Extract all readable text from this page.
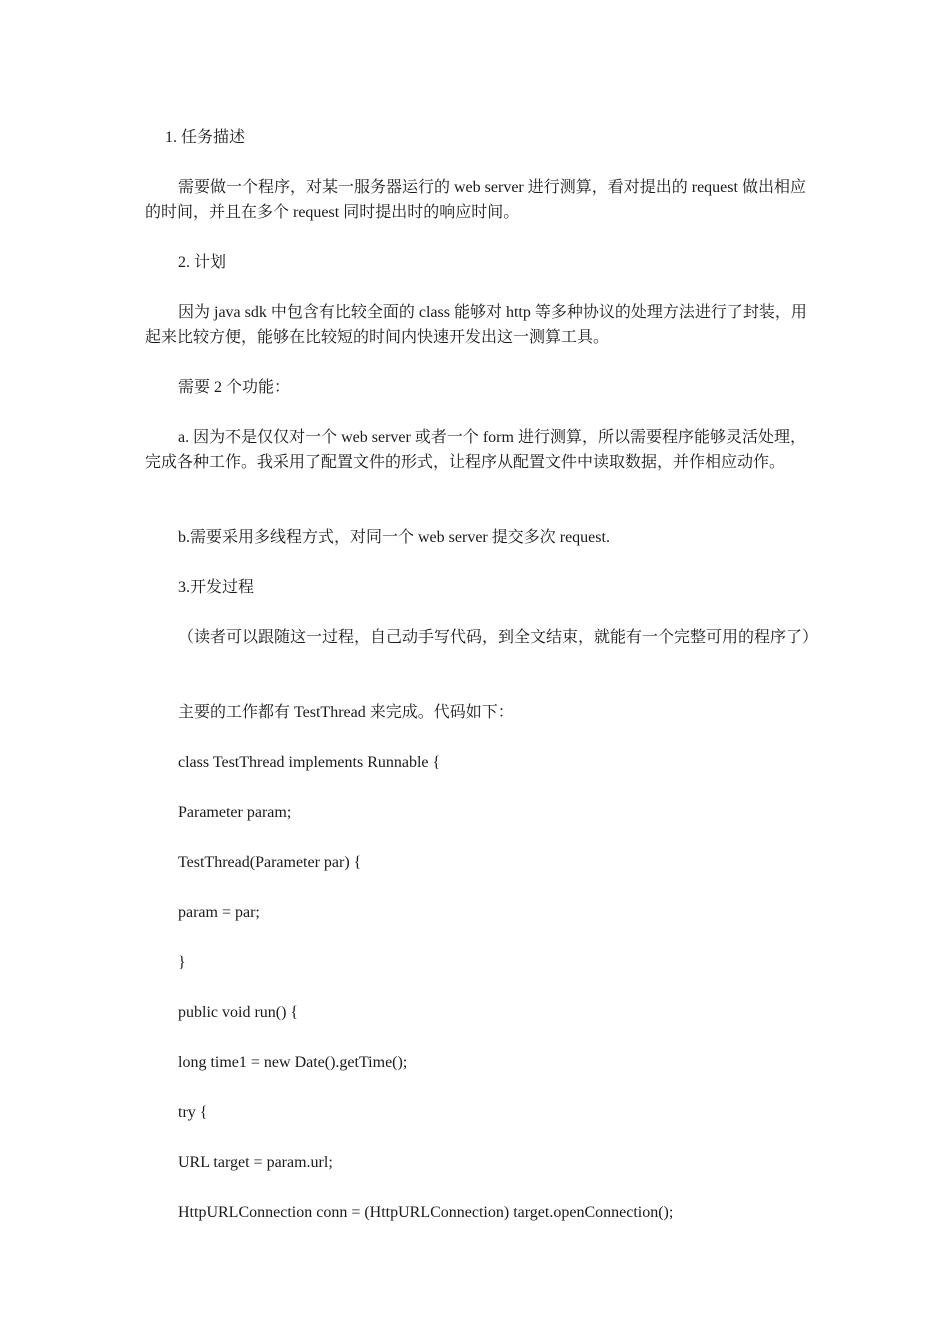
1. 任务描述

需要做一个程序，对某一服务器运行的 web server 进行测算，看对提出的 request 做出相应的时间，并且在多个 request 同时提出时的响应时间。

2. 计划

因为 java sdk 中包含有比较全面的 class 能够对 http 等多种协议的处理方法进行了封装，用起来比较方便，能够在比较短的时间内快速开发出这一测算工具。

需要 2 个功能：

a. 因为不是仅仅对一个 web server 或者一个 form 进行测算，所以需要程序能够灵活处理，完成各种工作。我采用了配置文件的形式，让程序从配置文件中读取数据，并作相应动作。

b.需要采用多线程方式，对同一个 web server 提交多次 request.

3.开发过程

（读者可以跟随这一过程，自己动手写代码，到全文结束，就能有一个完整可用的程序了）

主要的工作都有 TestThread 来完成。代码如下：

class TestThread implements Runnable {

Parameter param;

TestThread(Parameter par) {

param = par;

}

public void run() {

long time1 = new Date().getTime();

try {

URL target = param.url;

HttpURLConnection conn = (HttpURLConnection) target.openConnection();
